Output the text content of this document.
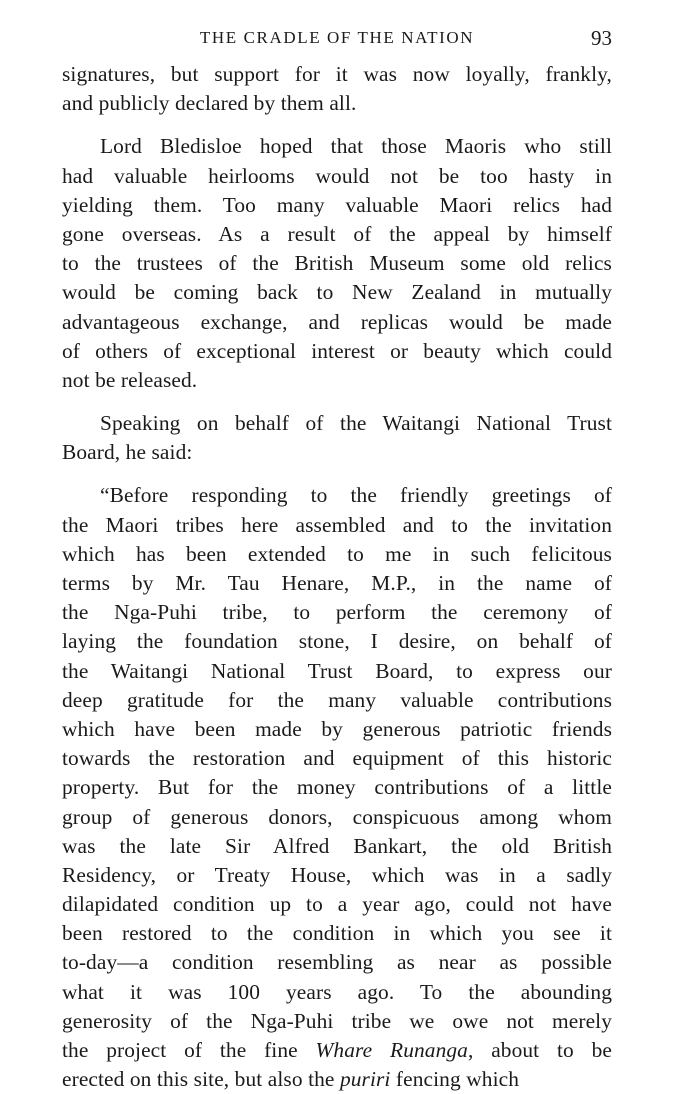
THE CRADLE OF THE NATION	93
signatures, but support for it was now loyally, frankly,
and publicly declared by them all.
Lord Bledisloe hoped that those Maoris who still
had valuable heirlooms would not be too hasty in
yielding them. Too many valuable Maori relics had
gone overseas. As a result of the appeal by himself
to the trustees of the British Museum some old relics
would be coming back to New Zealand in mutually
advantageous exchange, and replicas would be made
of others of exceptional interest or beauty which could
not be released.
Speaking on behalf of the Waitangi National Trust
Board, he said:
“Before responding to the friendly greetings of
the Maori tribes here assembled and to the invitation
which has been extended to me in such felicitous
terms by Mr. Tau Henare, M.P., in the name of
the Nga-Puhi tribe, to perform the ceremony of
laying the foundation stone, I desire, on behalf of
the Waitangi National Trust Board, to express our
deep gratitude for the many valuable contributions
which have been made by generous patriotic friends
towards the restoration and equipment of this historic
property. But for the money contributions of a little
group of generous donors, conspicuous among whom
was the late Sir Alfred Bankart, the old British
Residency, or Treaty House, which was in a sadly
dilapidated condition up to a year ago, could not have
been restored to the condition in which you see it
to-day—a condition resembling as near as possible
what it was 100 years ago. To the abounding
generosity of the Nga-Puhi tribe we owe not merely
the project of the fine Whare Runanga, about to be
erected on this site, but also the puriri fencing which
